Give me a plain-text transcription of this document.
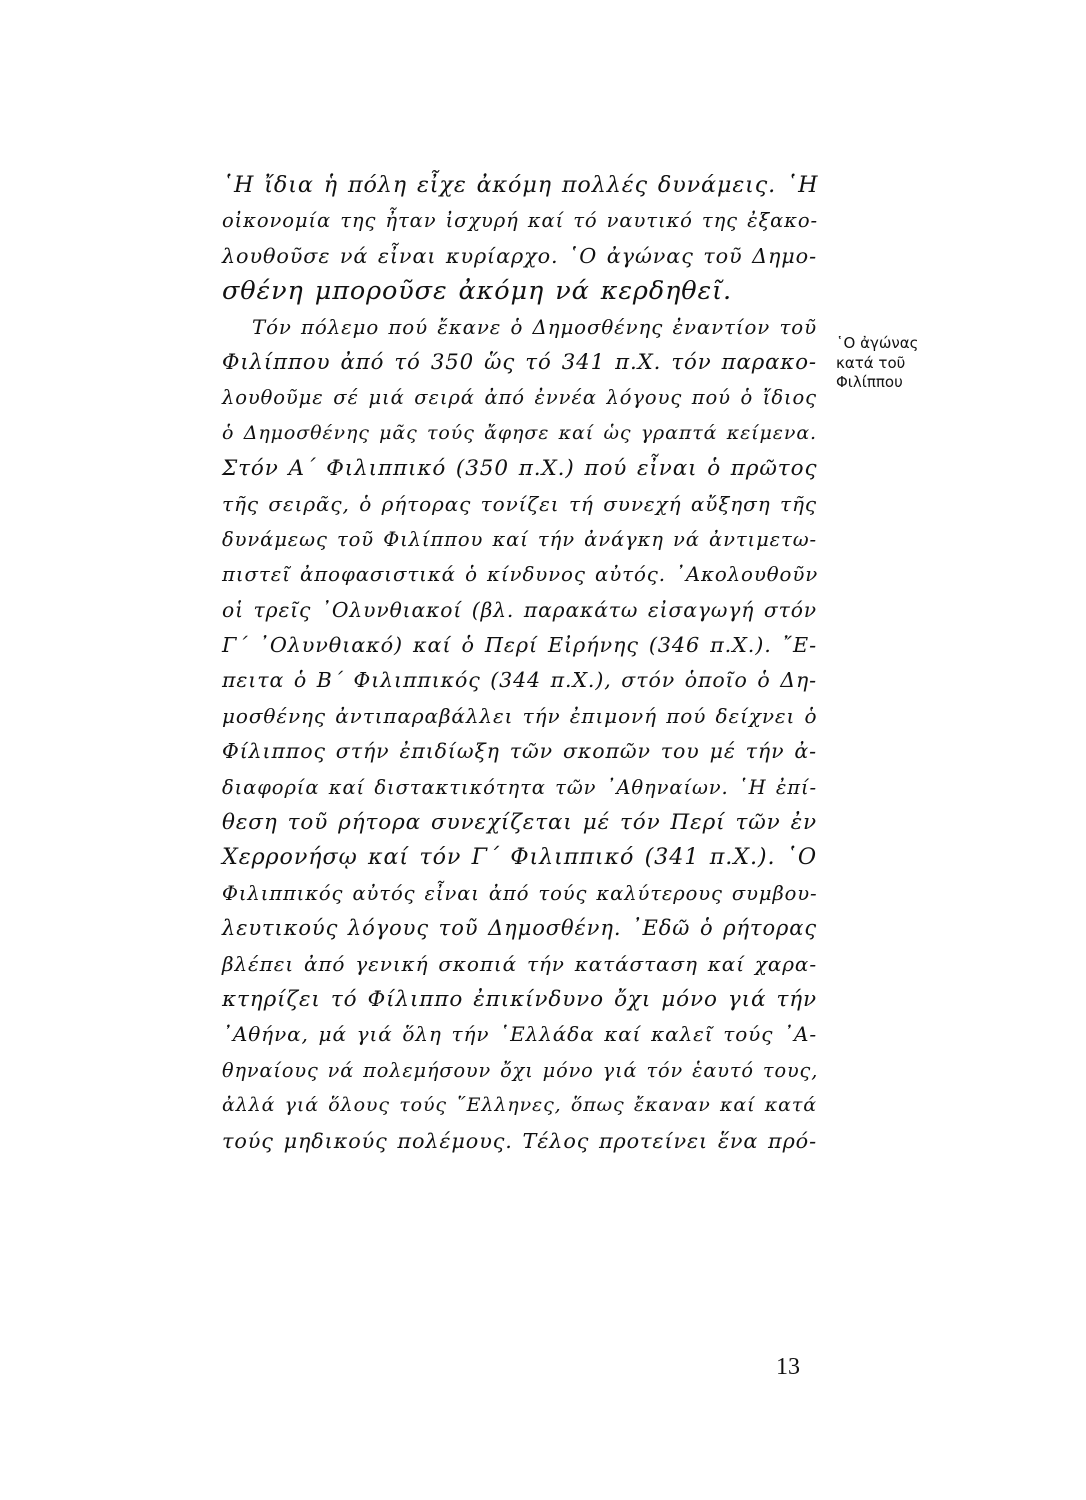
῾Η ἴδια ἡ πόλη εἶχε ἀκόμη πολλές δυνάμεις. ῾Η
οἰκονομία της ἦταν ἰσχυρή καί τό ναυτικό της ἐξακο-
λουθοῦσε νά εἶναι κυρίαρχο. ῾Ο ἀγώνας τοῦ Δημο-
σθένη μποροῦσε ἀκόμη νά κερδηθεῖ.
Τόν πόλεμο πού ἔκανε ὁ Δημοσθένης ἐναντίον τοῦ
Φιλίππου ἀπό τό 350 ὥς τό 341 π.Χ. τόν παρακο-
λουθοῦμε σέ μιά σειρά ἀπό ἐννέα λόγους πού ὁ ἴδιος
ὁ Δημοσθένης μᾶς τούς ἄφησε καί ὡς γραπτά κείμενα.
Στόν Α΄ Φιλιππικό (350 π.Χ.) πού εἶναι ὁ πρῶτος
τῆς σειρᾶς, ὁ ρήτορας τονίζει τή συνεχή αὔξηση τῆς
δυνάμεως τοῦ Φιλίππου καί τήν ἀνάγκη νά ἀντιμετω-
πιστεῖ ἀποφασιστικά ὁ κίνδυνος αὐτός. ᾿Ακολουθοῦν
οἱ τρεῖς ᾿Ολυνθιακοί (βλ. παρακάτω εἰσαγωγή στόν
Γ΄ ᾿Ολυνθιακό) καί ὁ Περί Εἰρήνης (346 π.Χ.). ῎Ε-
πειτα ὁ Β΄ Φιλιππικός (344 π.Χ.), στόν ὁποῖο ὁ Δη-
μοσθένης ἀντιπαραβάλλει τήν ἐπιμονή πού δείχνει ὁ
Φίλιππος στήν ἐπιδίωξη τῶν σκοπῶν του μέ τήν ἀ-
διαφορία καί διστακτικότητα τῶν ᾿Αθηναίων. ῾Η ἐπί-
θεση τοῦ ρήτορα συνεχίζεται μέ τόν Περί τῶν ἐν
Χερρονήσῳ καί τόν Γ΄ Φιλιππικό (341 π.Χ.). ῾Ο
Φιλιππικός αὐτός εἶναι ἀπό τούς καλύτερους συμβου-
λευτικούς λόγους τοῦ Δημοσθένη. ᾿Εδῶ ὁ ρήτορας
βλέπει ἀπό γενική σκοπιά τήν κατάσταση καί χαρα-
κτηρίζει τό Φίλιππο ἐπικίνδυνο ὄχι μόνο γιά τήν
᾿Αθήνα, μά γιά ὅλη τήν ῾Ελλάδα καί καλεῖ τούς ᾿Α-
θηναίους νά πολεμήσουν ὄχι μόνο γιά τόν ἑαυτό τους,
ἀλλά γιά ὅλους τούς ῞Ελληνες, ὅπως ἔκαναν καί κατά
τούς μηδικούς πολέμους. Τέλος προτείνει ἕνα πρό-
῾Ο ἀγώνας
κατά τοῦ
Φιλίππου
13
